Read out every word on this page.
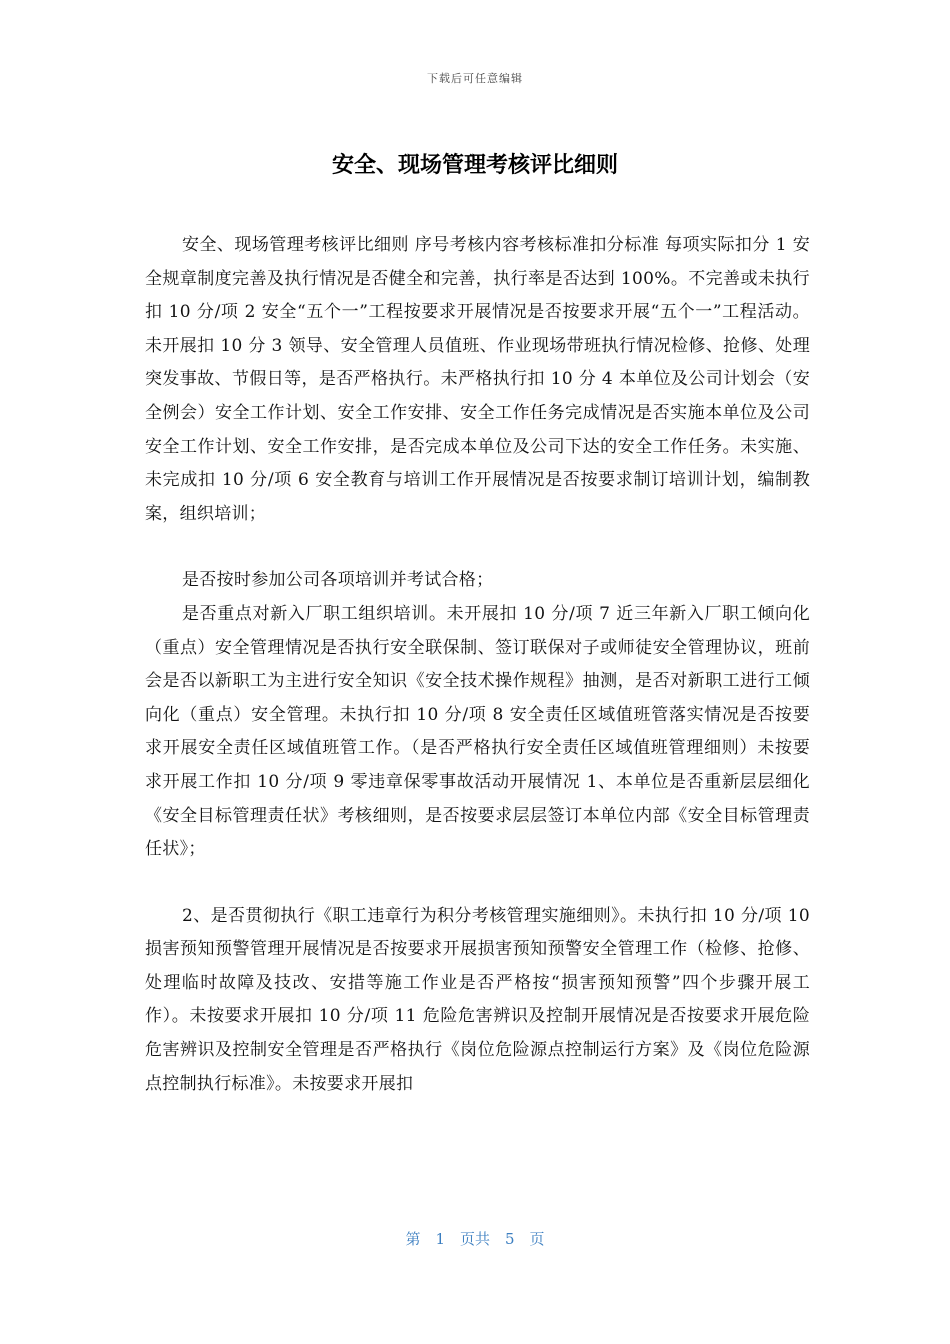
下载后可任意编辑
安全、现场管理考核评比细则

安全、现场管理考核评比细则 序号考核内容考核标准扣分标准 每项实际扣分 1 安全规章制度完善及执行情况是否健全和完善，执行率是否达到 100%。不完善或未执行扣 10 分/项 2 安全“五个一”工程按要求开展情况是否按要求开展“五个一”工程活动。未开展扣 10 分 3 领导、安全管理人员值班、作业现场带班执行情况检修、抢修、处理突发事故、节假日等，是否严格执行。未严格执行扣 10 分 4 本单位及公司计划会（安全例会）安全工作计划、安全工作安排、安全工作任务完成情况是否实施本单位及公司安全工作计划、安全工作安排，是否完成本单位及公司下达的安全工作任务。未实施、未完成扣 10 分/项 6 安全教育与培训工作开展情况是否按要求制订培训计划，编制教案，组织培训；

是否按时参加公司各项培训并考试合格；

是否重点对新入厂职工组织培训。未开展扣 10 分/项 7 近三年新入厂职工倾向化（重点）安全管理情况是否执行安全联保制、签订联保对子或师徒安全管理协议，班前会是否以新职工为主进行安全知识《安全技术操作规程》抽测，是否对新职工进行工倾向化（重点）安全管理。未执行扣 10 分/项 8 安全责任区域值班管落实情况是否按要求开展安全责任区域值班管工作。（是否严格执行安全责任区域值班管理细则）未按要求开展工作扣 10 分/项 9 零违章保零事故活动开展情况 1、本单位是否重新层层细化《安全目标管理责任状》考核细则，是否按要求层层签订本单位内部《安全目标管理责任状》；

2、是否贯彻执行《职工违章行为积分考核管理实施细则》。未执行扣 10 分/项 10 损害预知预警管理开展情况是否按要求开展损害预知预警安全管理工作（检修、抢修、处理临时故障及技改、安措等施工作业是否严格按“损害预知预警”四个步骤开展工作）。未按要求开展扣 10 分/项 11 危险危害辨识及控制开展情况是否按要求开展危险危害辨识及控制安全管理是否严格执行《岗位危险源点控制运行方案》及《岗位危险源点控制执行标准》。未按要求开展扣

第　1　页共　5　页
